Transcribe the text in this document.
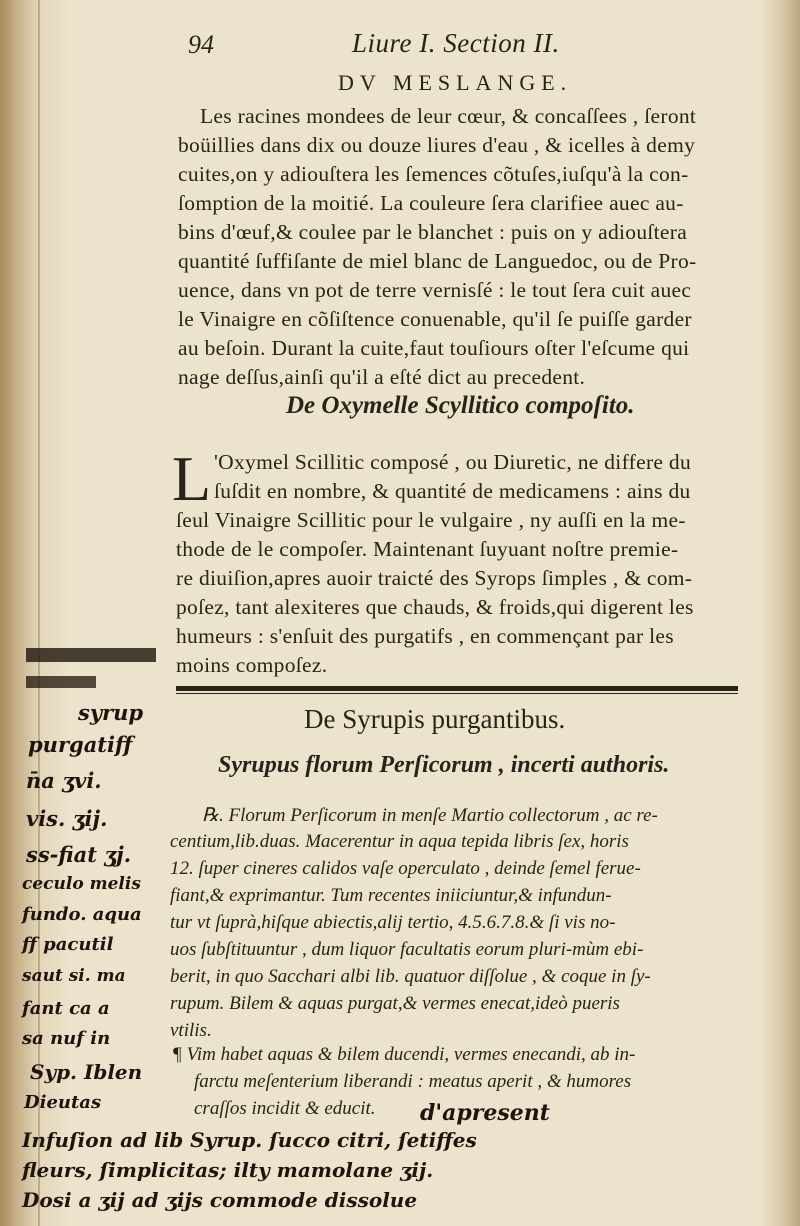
94	Liure I. Section II.
DV MESLANGE.
Les racines mondees de leur cœur, & concaſſees , ſeront
boüillies dans dix ou douze liures d'eau , & icelles à demy
cuites,on y adiouſtera les ſemences cõtuſes,iuſqu'à la con-
ſomption de la moitié. La couleure ſera clarifiee auec au-
bins d'œuf,& coulee par le blanchet : puis on y adiouſtera
quantité ſuffiſante de miel blanc de Languedoc, ou de Pro-
uence, dans vn pot de terre vernisſé : le tout ſera cuit auec
le Vinaigre en cõſiſtence conuenable, qu'il ſe puiſſe garder
au beſoin. Durant la cuite,faut touſiours oſter l'eſcume qui
nage deſſus,ainſi qu'il a eſté dict au precedent.
De Oxymelle Scyllitico compoſito.
L 'Oxymel Scillitic composé , ou Diuretic, ne differe du
ſuſdit en nombre, & quantité de medicamens : ains du
ſeul Vinaigre Scillitic pour le vulgaire , ny auſſi en la me-
thode de le compoſer. Maintenant ſuyuant noſtre premie-
re diuiſion,apres auoir traicté des Syrops ſimples , & com-
poſez, tant alexiteres que chauds, & froids,qui digerent les
humeurs : s'enſuit des purgatifs , en commençant par les
moins compoſez.
De Syrupis purgantibus.
Syrupus florum Perſicorum , incerti authoris.
℞. Florum Perſicorum in menſe Martio collectorum , ac re-
centium,lib.duas. Macerentur in aqua tepida libris ſex, horis
12. ſuper cineres calidos vaſe operculato , deinde ſemel ferue-
fiant,& exprimantur. Tum recentes iniiciuntur,& infundun-
tur vt ſuprà,hiſque abiectis,alij tertio, 4.5.6.7.8.& ſi vis no-
uos ſubſtituuntur , dum liquor facultatis eorum pluri-mùm ebi-
berit, in quo Sacchari albi lib. quatuor diſſolue , & coque in ſy-
rupum. Bilem & aquas purgat,& vermes enecat,ideò pueris
vtilis.
¶ Vim habet aquas & bilem ducendi, vermes enecandi, ab in-
farctu meſenterium liberandi : meatus aperit , & humores
craſſos incidit & educit.
syrup
purgatiff
n̄a ʒvi.
vis. ʒij.
ss-fiat ʒj.
ceculo melis
fundo. aqua
ff pacutil
saut si. ma
fant ca a
sa nuf in
Syp. Iblen
Dieutas	d'apresent
Infuſion ad lib Syrup. ſucco citri, ſetiffes
fleurs, ſimplicitas; ilty mamolane ʒij.
Dosi a ʒij ad ʒijs commode dissolue
